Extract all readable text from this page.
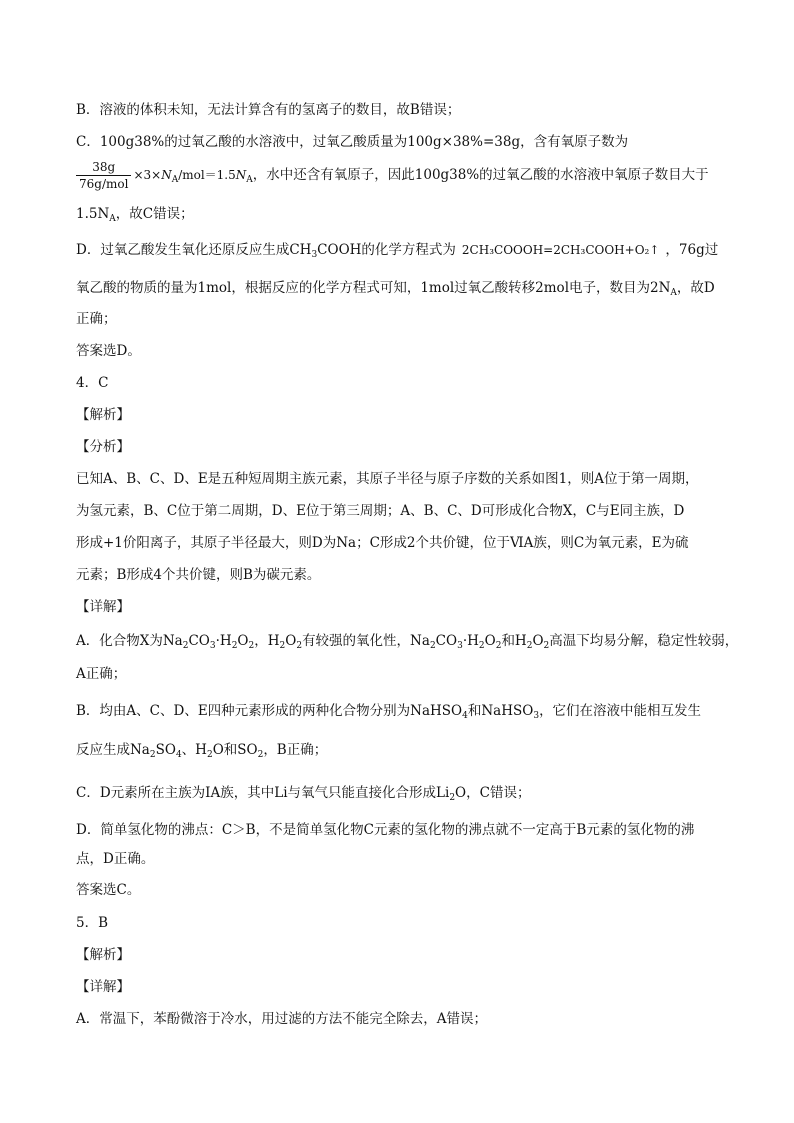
B．溶液的体积未知，无法计算含有的氢离子的数目，故B错误；
C．100g38%的过氧乙酸的水溶液中，过氧乙酸质量为100g×38%=38g，含有氧原子数为
$\frac{38g}{\text{76g/mol}} \times 3\times N_A/mol=1.5N_A$，水中还含有氧原子，因此100g38%的过氧乙酸的水溶液中氧原子数目大于
$1.5N_A$，故C错误；
D．过氧乙酸发生氧化还原反应生成$CH_3COOH$的化学方程式为 2CH₃COOOH=2CH₃COOH+O₂↑ ，76g过
氧乙酸的物质的量为1mol，根据反应的化学方程式可知，1mol过氧乙酸转移2mol电子，数目为$2N_A$，故D
正确；
答案选D。
4．C
【解析】
【分析】
已知A、B、C、D、E是五种短周期主族元素，其原子半径与原子序数的关系如图1，则A位于第一周期，
为氢元素，B、C位于第二周期，D、E位于第三周期；A、B、C、D可形成化合物X，C与E同主族，D
形成+1价阳离子，其原子半径最大，则D为Na；C形成2个共价键，位于ⅥA族，则C为氧元素，E为硫
元素；B形成4个共价键，则B为碳元素。
【详解】
A．化合物X为$Na_2CO_3\cdot H_2O_2$，$H_2O_2$有较强的氧化性，$Na_2CO_3\cdot H_2O_2$和$H_2O_2$高温下均易分解，稳定性较弱，
A正确；
B．均由A、C、D、E四种元素形成的两种化合物分别为NaHSO$_4$和NaHSO$_3$，它们在溶液中能相互发生
反应生成$Na_2SO_4$、$H_2O$和$SO_2$，B正确；
C．D元素所在主族为IA族，其中Li与氧气只能直接化合形成$Li_2O$，C错误；
D．简单氢化物的沸点：C＞B，不是简单氢化物C元素的氢化物的沸点就不一定高于B元素的氢化物的沸
点，D正确。
答案选C。
5．B
【解析】
【详解】
A．常温下，苯酚微溶于冷水，用过滤的方法不能完全除去，A错误；
